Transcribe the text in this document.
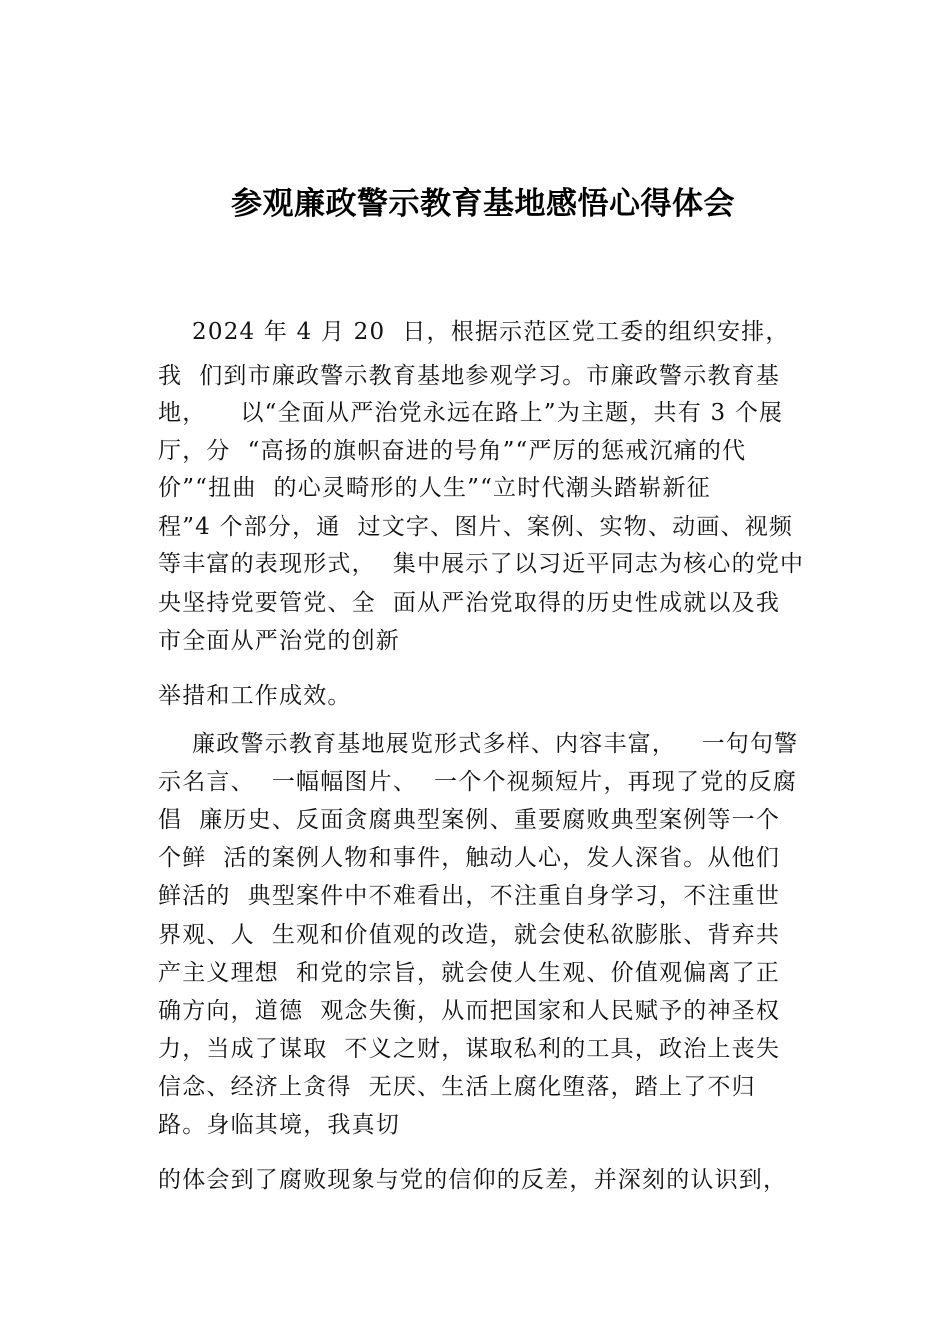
参观廉政警示教育基地感悟心得体会
2024 年 4 月 20  日，根据示范区党工委的组织安排，
我  们到市廉政警示教育基地参观学习。市廉政警示教育基
地，    以“全面从严治党永远在路上”为主题，共有 3 个展
厅，分  “高扬的旗帜奋进的号角”“严厉的惩戒沉痛的代
价”“扭曲  的心灵畸形的人生”“立时代潮头踏崭新征
程”4 个部分，通  过文字、图片、案例、实物、动画、视频
等丰富的表现形式，  集中展示了以习近平同志为核心的党中
央坚持党要管党、全  面从严治党取得的历史性成就以及我
市全面从严治党的创新
举措和工作成效。
廉政警示教育基地展览形式多样、内容丰富，   一句句警
示名言、  一幅幅图片、  一个个视频短片，再现了党的反腐
倡  廉历史、反面贪腐典型案例、重要腐败典型案例等一个
个鲜  活的案例人物和事件，触动人心，发人深省。从他们
鲜活的  典型案件中不难看出，不注重自身学习，不注重世
界观、人  生观和价值观的改造，就会使私欲膨胀、背弃共
产主义理想  和党的宗旨，就会使人生观、价值观偏离了正
确方向，道德  观念失衡，从而把国家和人民赋予的神圣权
力，当成了谋取  不义之财，谋取私利的工具，政治上丧失
信念、经济上贪得  无厌、生活上腐化堕落，踏上了不归
路。身临其境，我真切
的体会到了腐败现象与党的信仰的反差，并深刻的认识到，
